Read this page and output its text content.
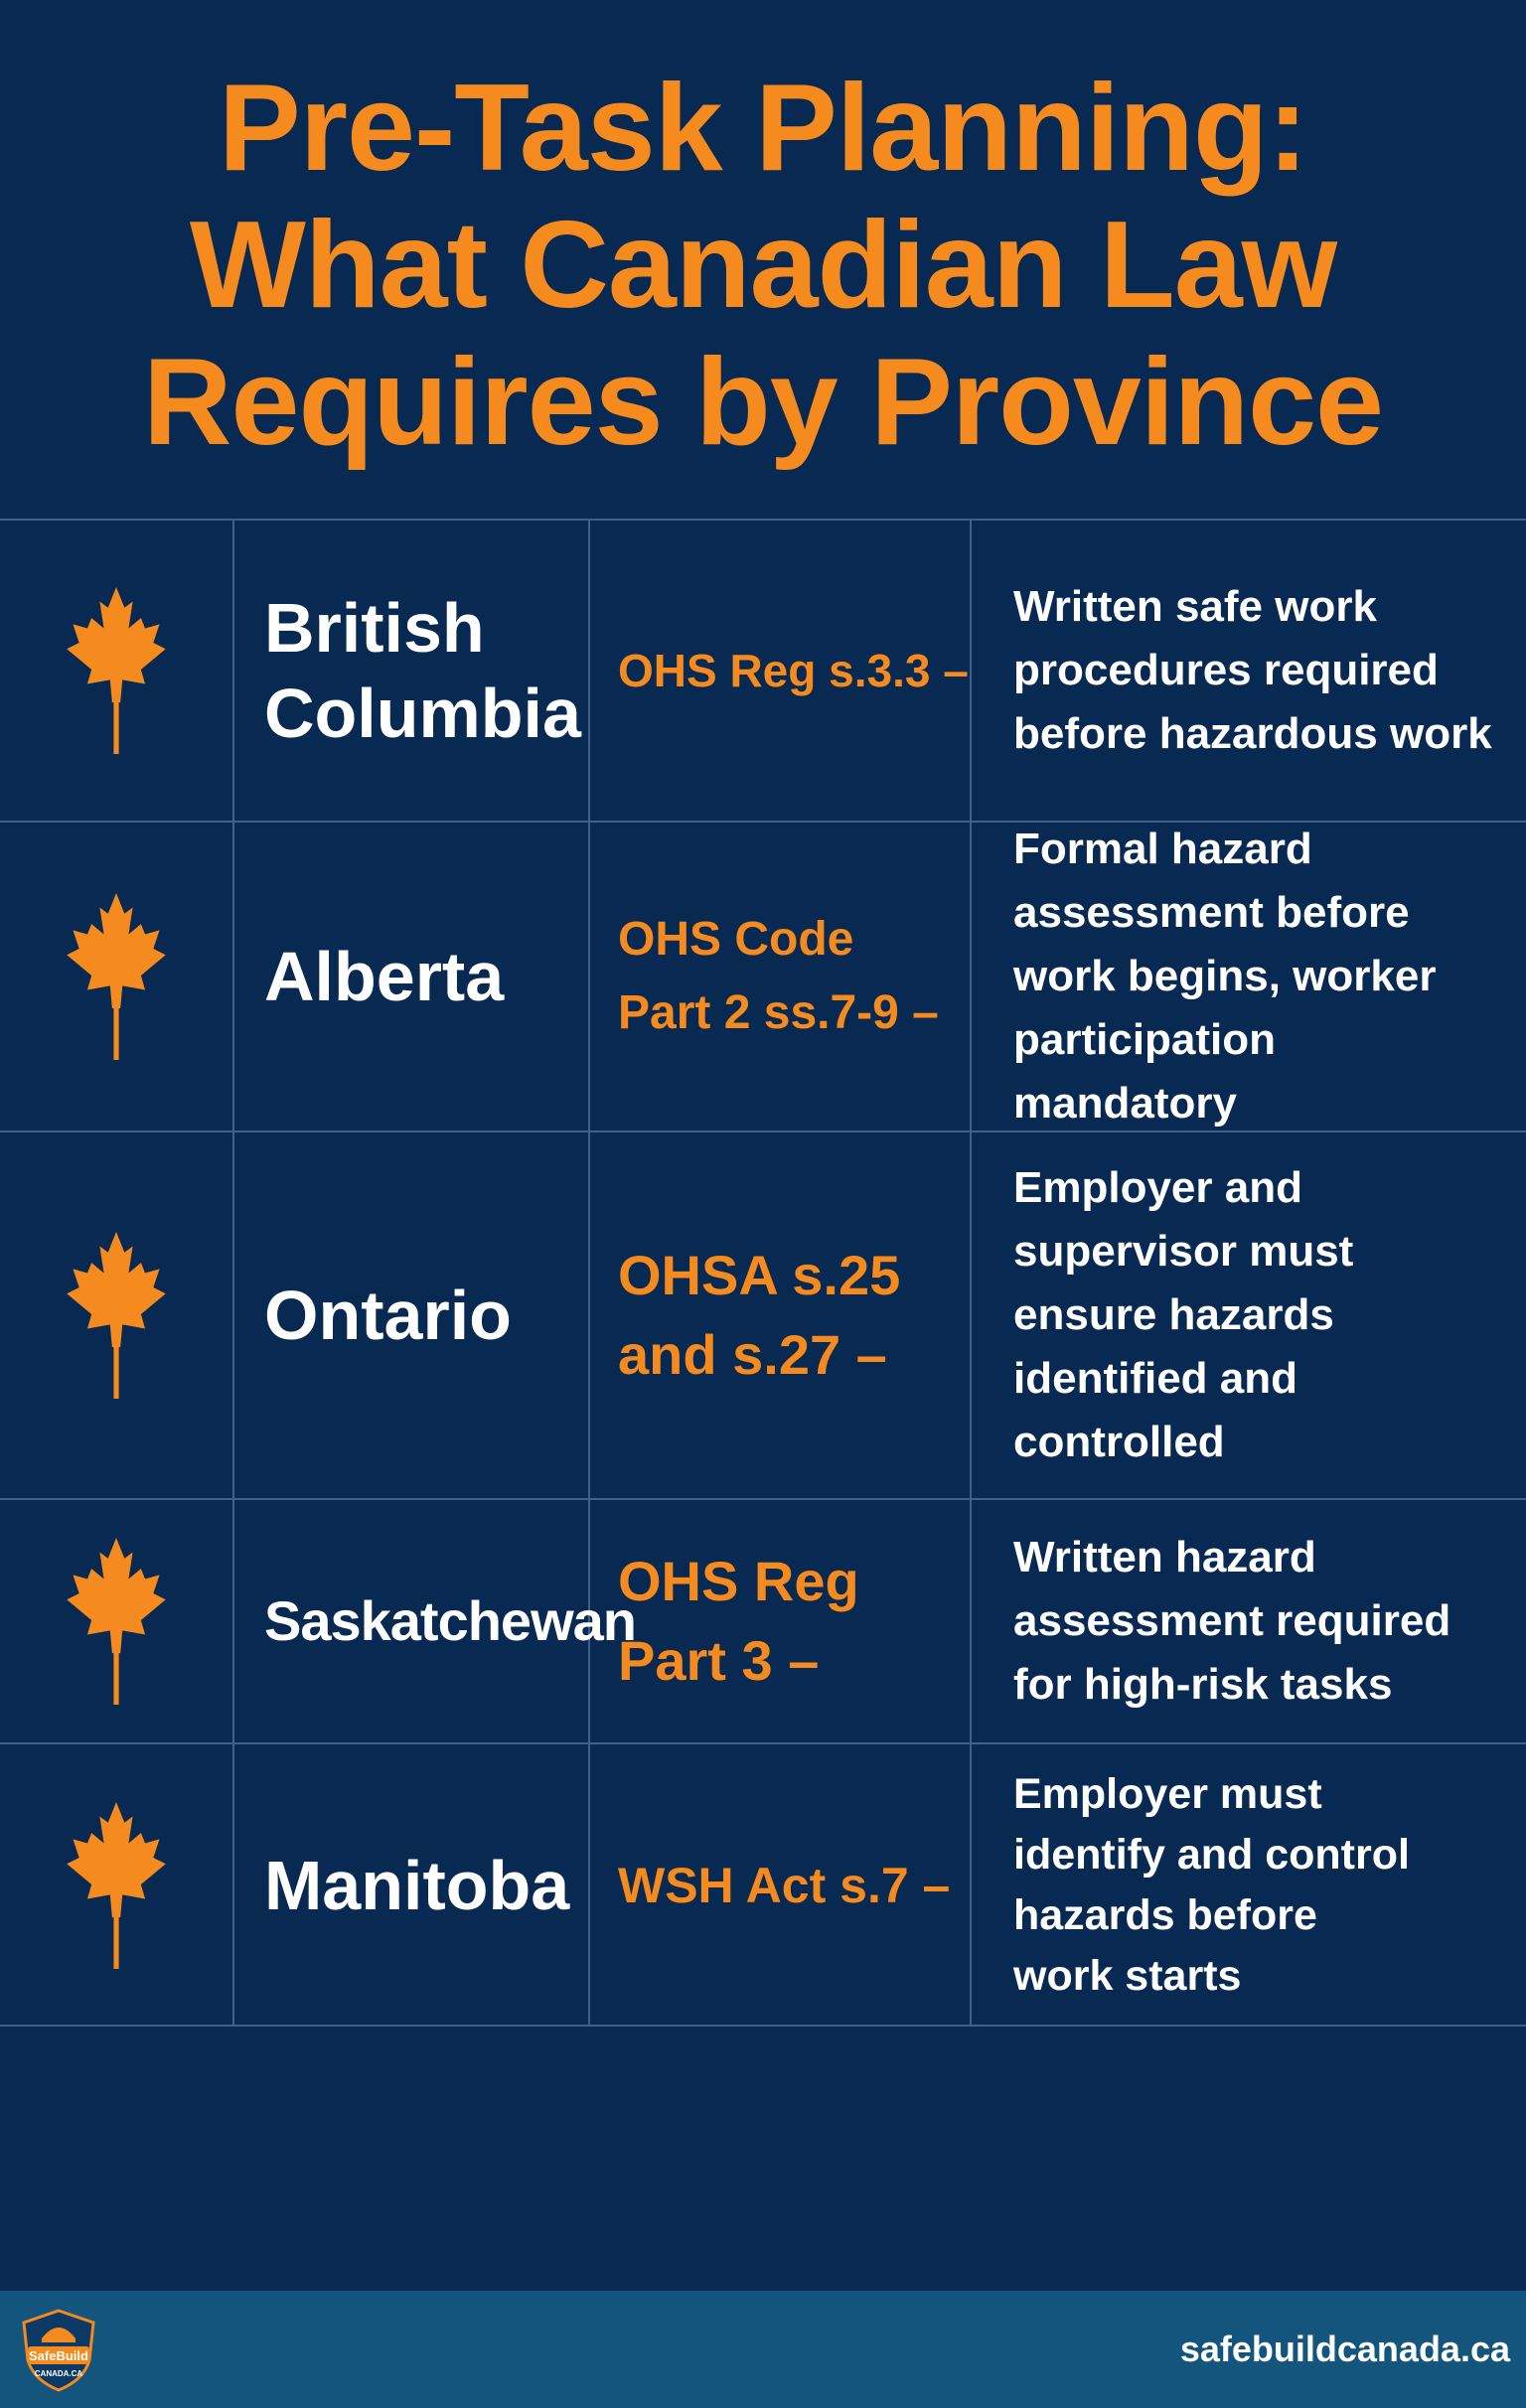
Pre-Task Planning:
What Canadian Law
Requires by Province
British Columbia
OHS Reg s.3.3 –
Written safe work procedures required before hazardous work
Alberta OHS Code
Part 2 ss.7-9 –
Formal hazard assessment before work begins, worker participation mandatory
Ontario
OHSA s.25
and s.27 –
Employer and supervisor must ensure hazards identified and controlled
Saskatchewan
OHS Reg
Part 3 –
Written hazard assessment required for high-risk tasks
Manitoba WSH Act s.7 –
Employer must identify and control hazards before work starts
SafeBuild
CANADA.CA
safebuildcanada.ca
